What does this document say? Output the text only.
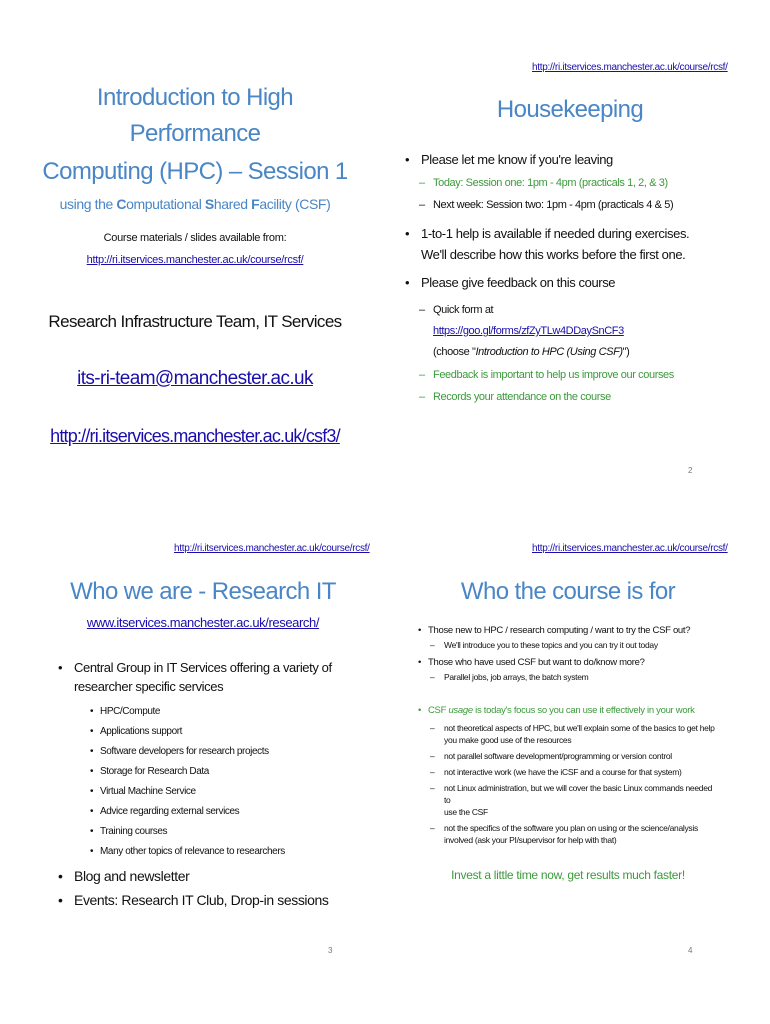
Introduction to High Performance
Computing (HPC) – Session 1
using the Computational Shared Facility (CSF)
Course materials / slides available from:
http://ri.itservices.manchester.ac.uk/course/rcsf/
Research Infrastructure Team, IT Services
its-ri-team@manchester.ac.uk
http://ri.itservices.manchester.ac.uk/csf3/
http://ri.itservices.manchester.ac.uk/course/rcsf/
Housekeeping
• Please let me know if you're leaving
– Today: Session one: 1pm - 4pm (practicals 1, 2, & 3)
– Next week: Session two: 1pm - 4pm (practicals 4 & 5)
• 1-to-1 help is available if needed during exercises.
We'll describe how this works before the first one.
• Please give feedback on this course
– Quick form at
https://goo.gl/forms/zfZyTLw4DDaySnCF3
(choose "Introduction to HPC (Using CSF)")
– Feedback is important to help us improve our courses
– Records your attendance on the course
2
http://ri.itservices.manchester.ac.uk/course/rcsf/
Who we are - Research IT
www.itservices.manchester.ac.uk/research/
• Central Group in IT Services offering a variety of
researcher specific services
• HPC/Compute
• Applications support
• Software developers for research projects
• Storage for Research Data
• Virtual Machine Service
• Advice regarding external services
• Training courses
• Many other topics of relevance to researchers
• Blog and newsletter
• Events: Research IT Club, Drop-in sessions
3
http://ri.itservices.manchester.ac.uk/course/rcsf/
Who the course is for
• Those new to HPC / research computing / want to try the CSF out?
– We'll introduce you to these topics and you can try it out today
• Those who have used CSF but want to do/know more?
– Parallel jobs, job arrays, the batch system
• CSF usage is today's focus so you can use it effectively in your work
– not theoretical aspects of HPC, but we'll explain some of the basics to get help
you make good use of the resources
– not parallel software development/programming or version control
– not interactive work (we have the iCSF and a course for that system)
– not Linux administration, but we will cover the basic Linux commands needed to
use the CSF
– not the specifics of the software you plan on using or the science/analysis
involved (ask your PI/supervisor for help with that)
Invest a little time now, get results much faster!
4
